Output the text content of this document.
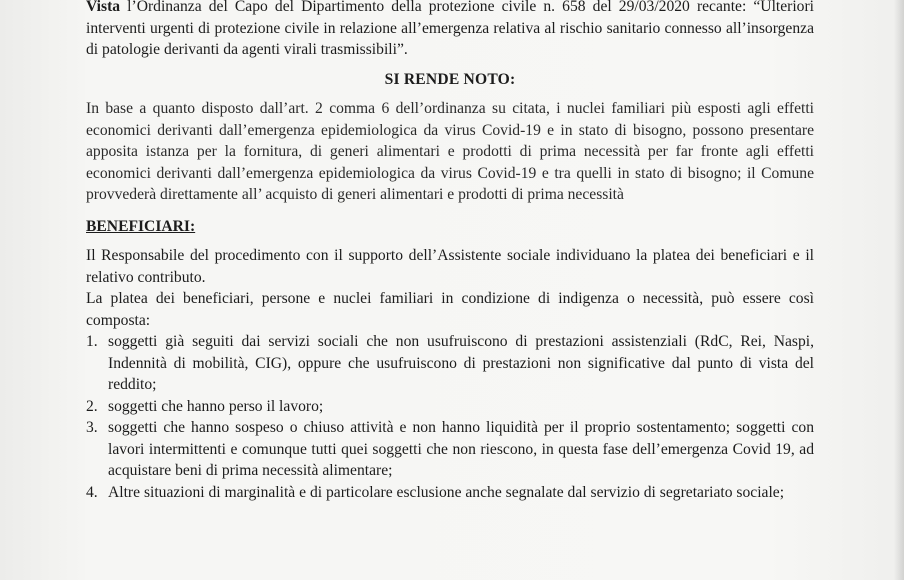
Vista l’Ordinanza del Capo del Dipartimento della protezione civile n. 658 del 29/03/2020 recante: “Ulteriori interventi urgenti di protezione civile in relazione all’emergenza relativa al rischio sanitario connesso all’insorgenza di patologie derivanti da agenti virali trasmissibili”.

SI RENDE NOTO:

In base a quanto disposto dall’art. 2 comma 6 dell’ordinanza su citata, i nuclei familiari più esposti agli effetti economici derivanti dall’emergenza epidemiologica da virus Covid-19 e in stato di bisogno, possono presentare apposita istanza per la fornitura, di generi alimentari e prodotti di prima necessità per far fronte agli effetti economici derivanti dall’emergenza epidemiologica da virus Covid-19 e tra quelli in stato di bisogno; il Comune provvederà direttamente all’ acquisto di generi alimentari e prodotti di prima necessità

BENEFICIARI:

Il Responsabile del procedimento con il supporto dell’Assistente sociale individuano la platea dei beneficiari e il relativo contributo.

La platea dei beneficiari, persone e nuclei familiari in condizione di indigenza o necessità, può essere così composta:

1. soggetti già seguiti dai servizi sociali che non usufruiscono di prestazioni assistenziali (RdC, Rei, Naspi, Indennità di mobilità, CIG), oppure che usufruiscono di prestazioni non significative dal punto di vista del reddito;
2. soggetti che hanno perso il lavoro;
3. soggetti che hanno sospeso o chiuso attività e non hanno liquidità per il proprio sostentamento; soggetti con lavori intermittenti e comunque tutti quei soggetti che non riescono, in questa fase dell’emergenza Covid 19, ad acquistare beni di prima necessità alimentare;
4. Altre situazioni di marginalità e di particolare esclusione anche segnalate dal servizio di segretariato sociale;
